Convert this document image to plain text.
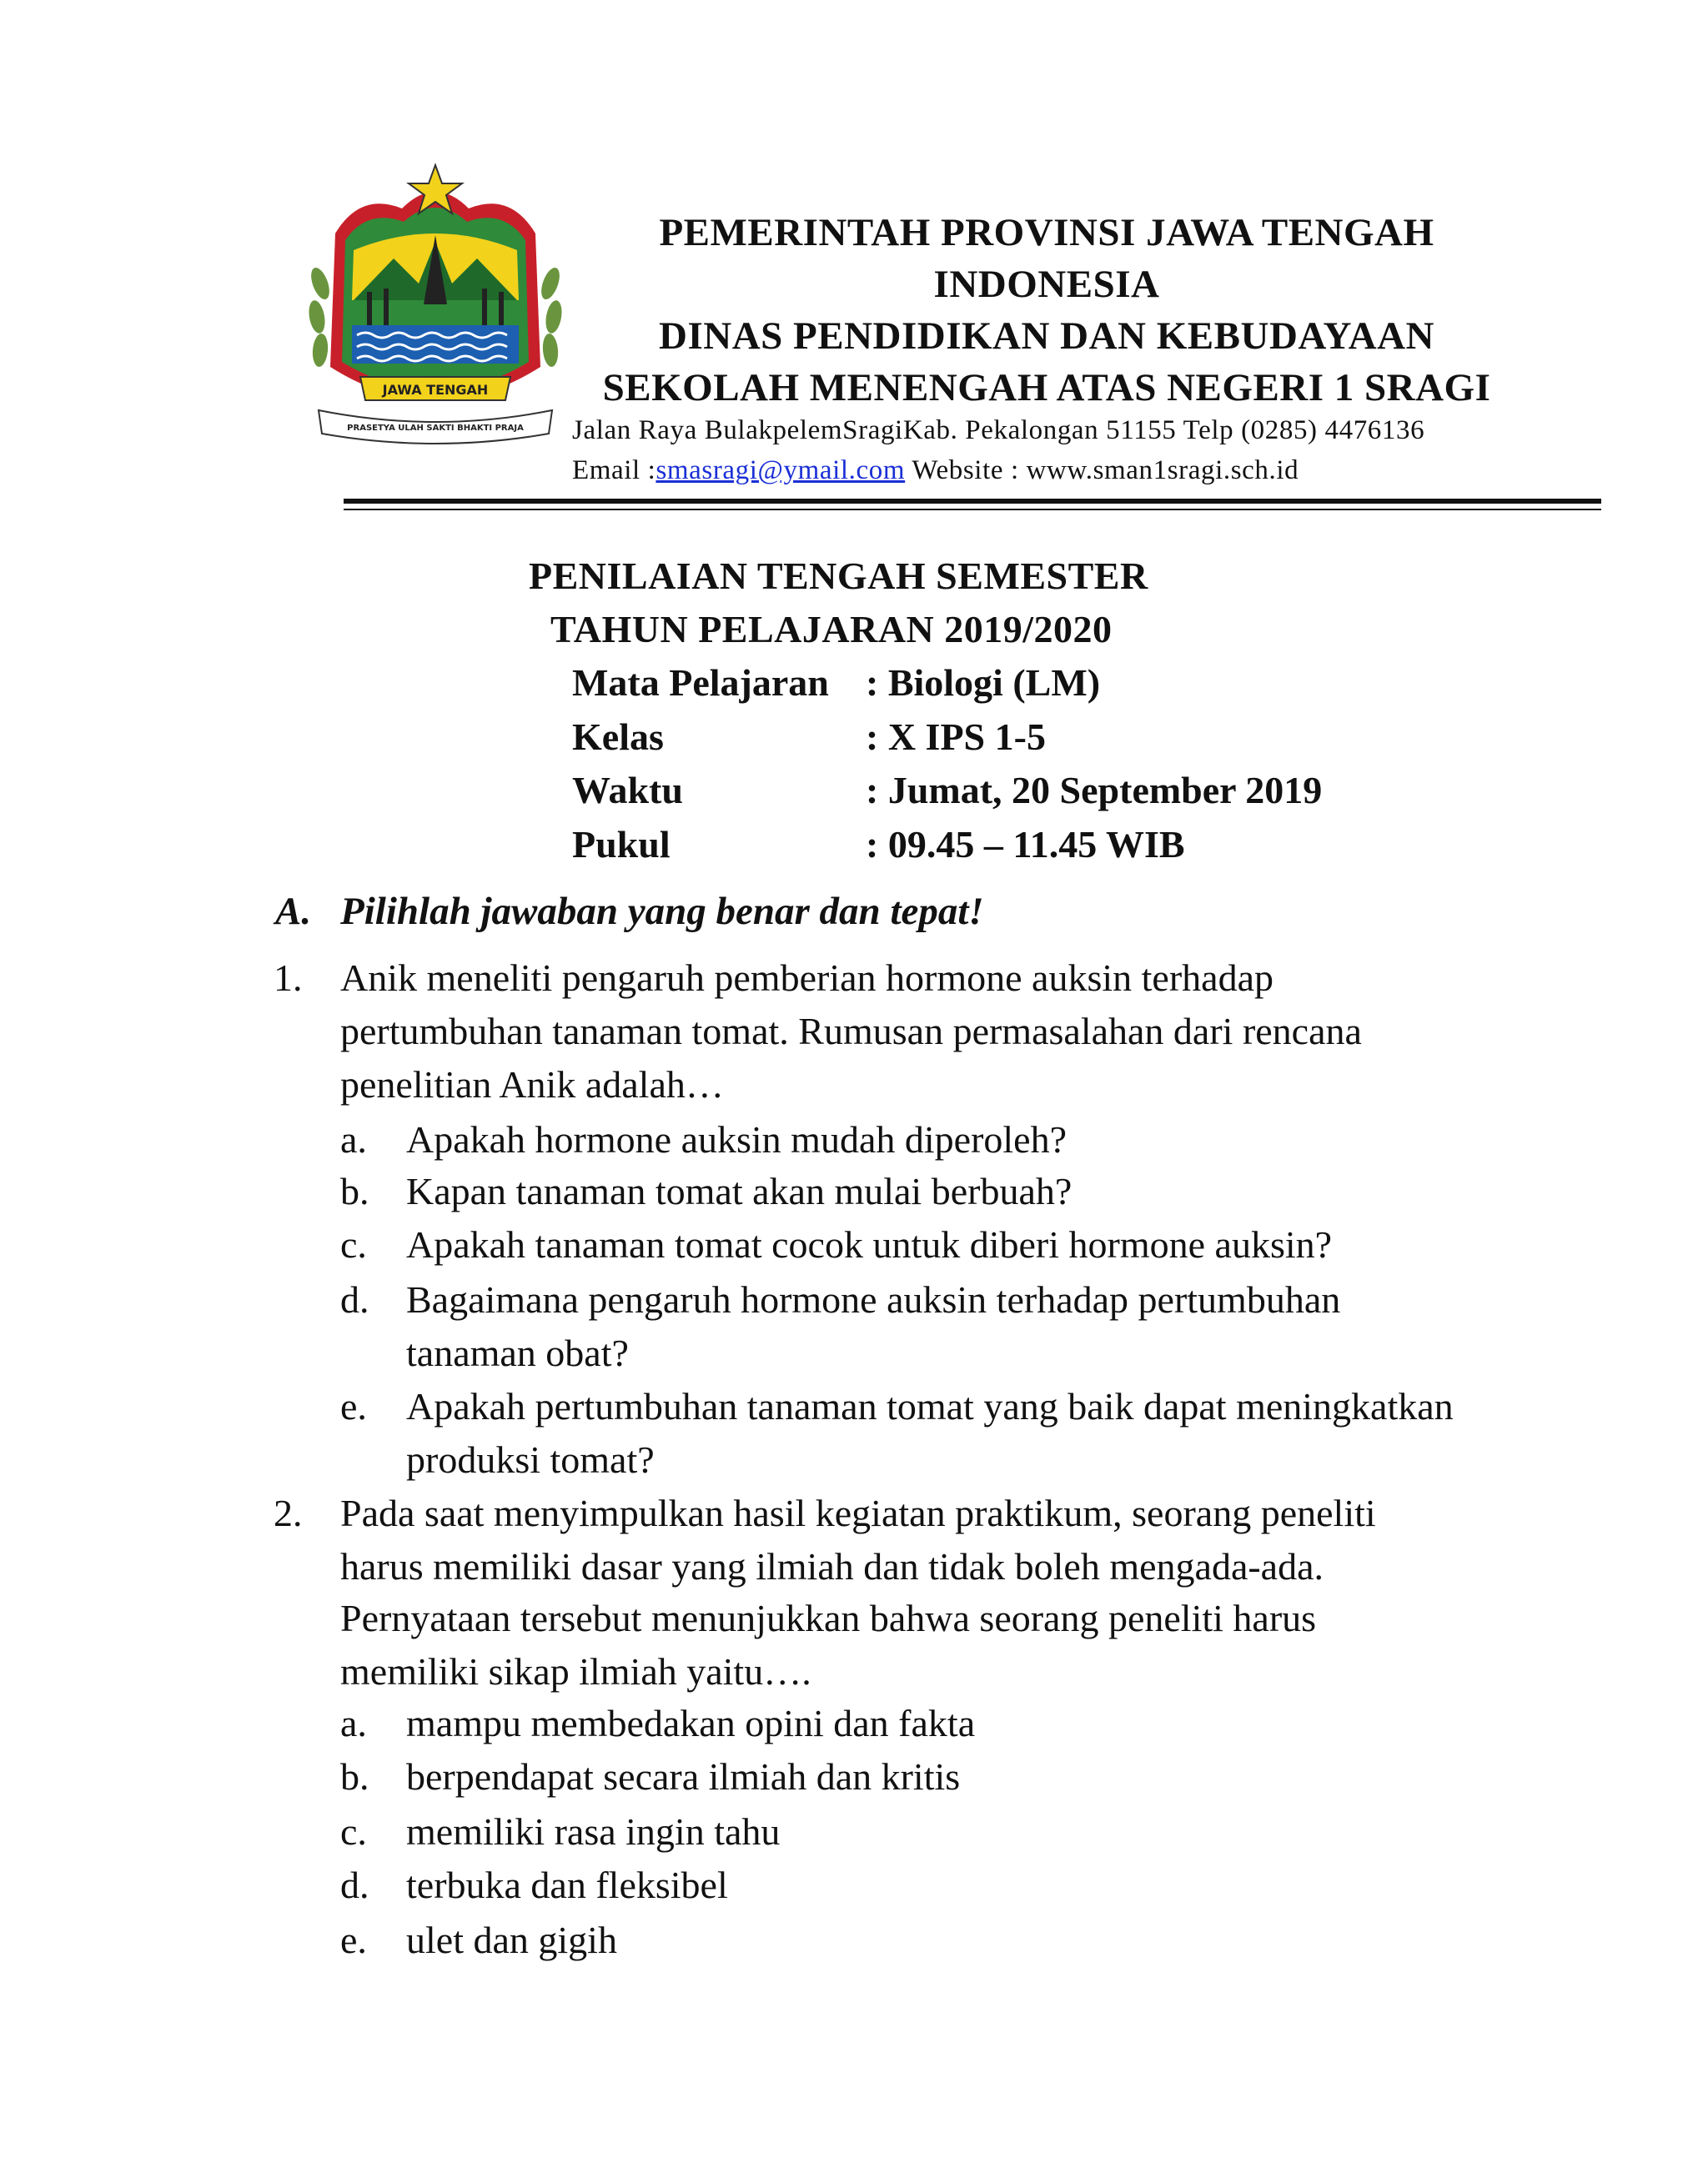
JAWA TENGAH
PRASETYA ULAH SAKTI BHAKTI PRAJA
PEMERINTAH PROVINSI JAWA TENGAH
INDONESIA
DINAS PENDIDIKAN DAN KEBUDAYAAN
SEKOLAH MENENGAH ATAS NEGERI 1 SRAGI
Jalan Raya BulakpelemSragiKab. Pekalongan 51155 Telp (0285) 4476136
Email :smasragi@ymail.com Website : www.sman1sragi.sch.id
PENILAIAN TENGAH SEMESTER
TAHUN PELAJARAN 2019/2020
Mata Pelajaran : Biologi (LM)
Kelas	: X IPS 1-5
Waktu	: Jumat, 20 September 2019
Pukul	: 09.45 – 11.45 WIB
A. Pilihlah jawaban yang benar dan tepat!
1. Anik meneliti pengaruh pemberian hormone auksin terhadap
pertumbuhan tanaman tomat. Rumusan permasalahan dari rencana
penelitian Anik adalah…
a. Apakah hormone auksin mudah diperoleh?
b. Kapan tanaman tomat akan mulai berbuah?
c. Apakah tanaman tomat cocok untuk diberi hormone auksin?
d. Bagaimana pengaruh hormone auksin terhadap pertumbuhan
tanaman obat?
e. Apakah pertumbuhan tanaman tomat yang baik dapat meningkatkan
produksi tomat?
2. Pada saat menyimpulkan hasil kegiatan praktikum, seorang peneliti
harus memiliki dasar yang ilmiah dan tidak boleh mengada-ada.
Pernyataan tersebut menunjukkan bahwa seorang peneliti harus
memiliki sikap ilmiah yaitu….
a. mampu membedakan opini dan fakta
b. berpendapat secara ilmiah dan kritis
c. memiliki rasa ingin tahu
d. terbuka dan fleksibel
e. ulet dan gigih
